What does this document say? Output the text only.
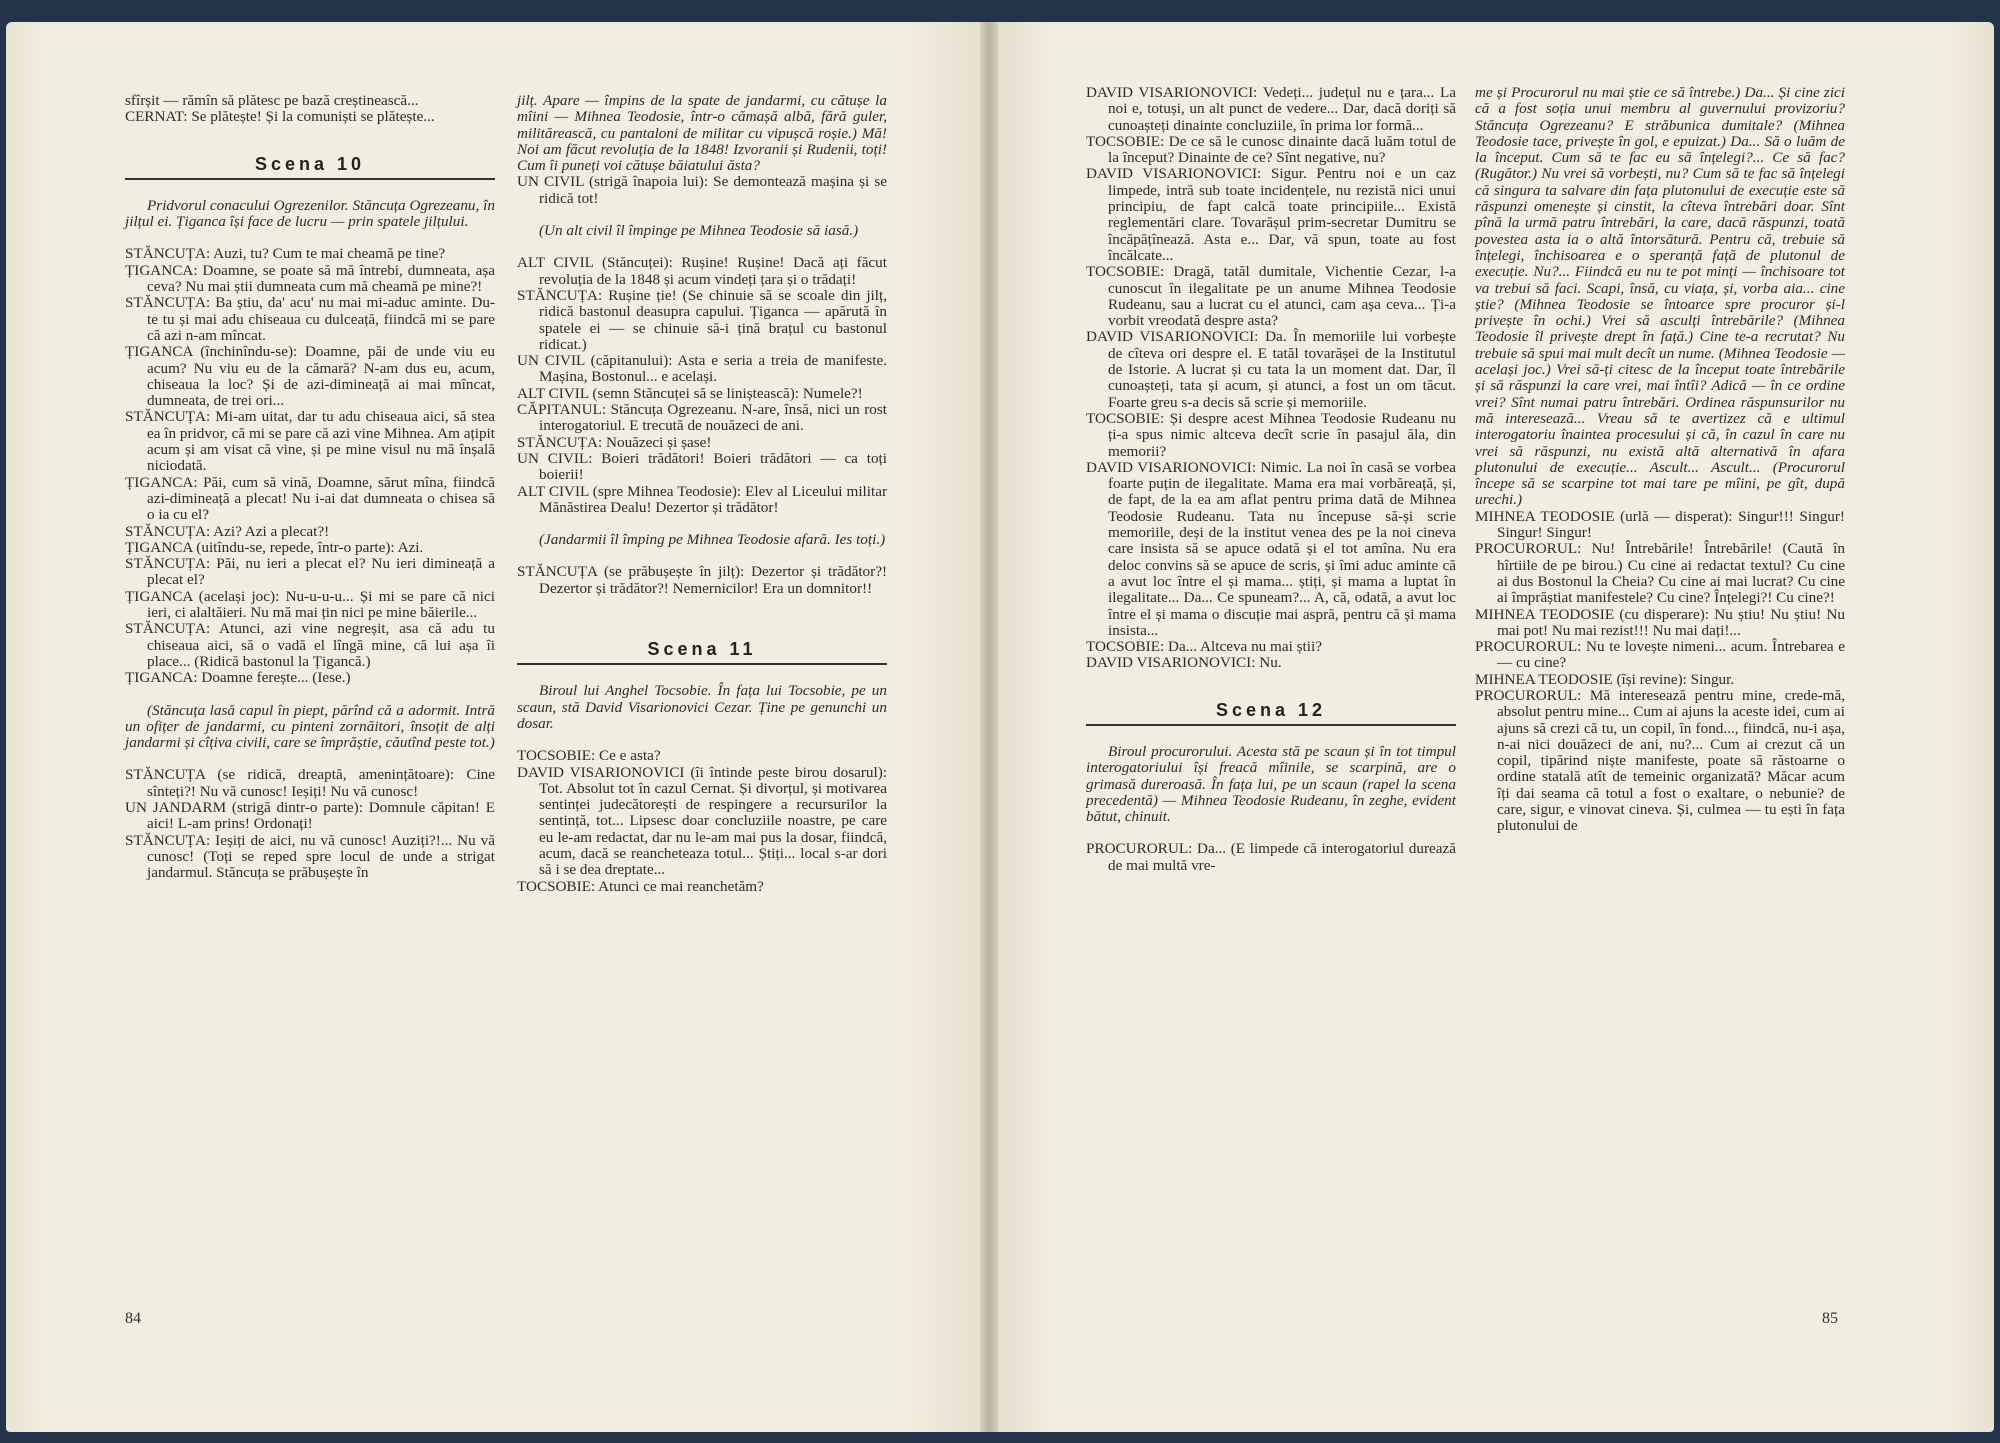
sfîrșit — rămîn să plătesc pe bază creștinească...

CERNAT: Se plătește! Și la comuniști se plătește...

Scena 10

Pridvorul conacului Ogrezenilor. Stăncuța Ogrezeanu, în jilțul ei. Țiganca își face de lucru — prin spatele jilțului.

STĂNCUȚA: Auzi, tu? Cum te mai cheamă pe tine?

ȚIGANCA: Doamne, se poate să mă întrebi, dumneata, așa ceva? Nu mai știi dumneata cum mă cheamă pe mine?!

STĂNCUȚA: Ba știu, da' acu' nu mai mi-aduc aminte. Du-te tu și mai adu chiseaua cu dulceață, fiindcă mi se pare că azi n-am mîncat.

ȚIGANCA (închinîndu-se): Doamne, păi de unde viu eu acum? Nu viu eu de la cămară? N-am dus eu, acum, chiseaua la loc? Și de azi-dimineață ai mai mîncat, dumneata, de trei ori...

STĂNCUȚA: Mi-am uitat, dar tu adu chiseaua aici, să stea ea în pridvor, că mi se pare că azi vine Mihnea. Am ațipit acum și am visat că vine, și pe mine visul nu mă înșală niciodată.

ȚIGANCA: Păi, cum să vină, Doamne, sărut mîna, fiindcă azi-dimineață a plecat! Nu i-ai dat dumneata o chisea să o ia cu el?

STĂNCUȚA: Azi? Azi a plecat?!

ȚIGANCA (uitîndu-se, repede, într-o parte): Azi.

STĂNCUȚA: Păi, nu ieri a plecat el? Nu ieri dimineață a plecat el?

ȚIGANCA (același joc): Nu-u-u-u... Și mi se pare că nici ieri, ci alaltăieri. Nu mă mai țin nici pe mine băierile...

STĂNCUȚA: Atunci, azi vine negreșit, asa că adu tu chiseaua aici, să o vadă el lîngă mine, că lui așa îi place... (Ridică bastonul la Țigancă.)

ȚIGANCA: Doamne ferește... (Iese.)

(Stăncuța lasă capul în piept, părînd că a adormit. Intră un ofițer de jandarmi, cu pinteni zornăitori, însoțit de alți jandarmi și cîțiva civili, care se împrăștie, căutînd peste tot.)

STĂNCUȚA (se ridică, dreaptă, amenințătoare): Cine sînteți?! Nu vă cunosc! Ieșiți! Nu vă cunosc!

UN JANDARM (strigă dintr-o parte): Domnule căpitan! E aici! L-am prins! Ordonați!

STĂNCUȚA: Ieșiți de aici, nu vă cunosc! Auziți?!... Nu vă cunosc! (Toți se reped spre locul de unde a strigat jandarmul. Stăncuța se prăbușește în

jilț. Apare — împins de la spate de jandarmi, cu cătușe la mîini — Mihnea Teodosie, într-o cămașă albă, fără guler, militărească, cu pantaloni de militar cu vipușcă roșie.) Mă! Noi am făcut revoluția de la 1848! Izvoranii și Rudenii, toți! Cum îi puneți voi cătușe băiatului ăsta?

UN CIVIL (strigă înapoia lui): Se demontează mașina și se ridică tot!

(Un alt civil îl împinge pe Mihnea Teodosie să iasă.)

ALT CIVIL (Stăncuței): Rușine! Rușine! Dacă ați făcut revoluția de la 1848 și acum vindeți țara și o trădați!

STĂNCUȚA: Rușine ție! (Se chinuie să se scoale din jilț, ridică bastonul deasupra capului. Țiganca — apărută în spatele ei — se chinuie să-i țină brațul cu bastonul ridicat.)

UN CIVIL (căpitanului): Asta e seria a treia de manifeste. Mașina, Bostonul... e același.

ALT CIVIL (semn Stăncuței să se liniștească): Numele?!

CĂPITANUL: Stăncuța Ogrezeanu. N-are, însă, nici un rost interogatoriul. E trecută de nouăzeci de ani.

STĂNCUȚA: Nouăzeci și șase!

UN CIVIL: Boieri trădători! Boieri trădători — ca toți boierii!

ALT CIVIL (spre Mihnea Teodosie): Elev al Liceului militar Mănăstirea Dealu! Dezertor și trădător!

(Jandarmii îl împing pe Mihnea Teodosie afară. Ies toți.)

STĂNCUȚA (se prăbușește în jilț): Dezertor și trădător?! Dezertor și trădător?! Nemernicilor! Era un domnitor!!

Scena 11

Biroul lui Anghel Tocsobie. În fața lui Tocsobie, pe un scaun, stă David Visarionovici Cezar. Ține pe genunchi un dosar.

TOCSOBIE: Ce e asta?

DAVID VISARIONOVICI (îi întinde peste birou dosarul): Tot. Absolut tot în cazul Cernat. Și divorțul, și motivarea sentinței judecătorești de respingere a recursurilor la sentință, tot... Lipsesc doar concluziile noastre, pe care eu le-am redactat, dar nu le-am mai pus la dosar, fiindcă, acum, dacă se reancheteaza totul... Știți... local s-ar dori să i se dea dreptate...

TOCSOBIE: Atunci ce mai reanchetăm?

DAVID VISARIONOVICI: Vedeți... județul nu e țara... La noi e, totuși, un alt punct de vedere... Dar, dacă doriți să cunoașteți dinainte concluziile, în prima lor formă...

TOCSOBIE: De ce să le cunosc dinainte dacă luăm totul de la început? Dinainte de ce? Sînt negative, nu?

DAVID VISARIONOVICI: Sigur. Pentru noi e un caz limpede, intră sub toate incidențele, nu rezistă nici unui principiu, de fapt calcă toate principiile... Există reglementări clare. Tovarășul prim-secretar Dumitru se încăpățînează. Asta e... Dar, vă spun, toate au fost încălcate...

TOCSOBIE: Dragă, tatăl dumitale, Vichentie Cezar, l-a cunoscut în ilegalitate pe un anume Mihnea Teodosie Rudeanu, sau a lucrat cu el atunci, cam așa ceva... Ți-a vorbit vreodată despre asta?

DAVID VISARIONOVICI: Da. În memoriile lui vorbește de cîteva ori despre el. E tatăl tovarășei de la Institutul de Istorie. A lucrat și cu tata la un moment dat. Dar, îl cunoașteți, tata și acum, și atunci, a fost un om tăcut. Foarte greu s-a decis să scrie și memoriile.

TOCSOBIE: Și despre acest Mihnea Teodosie Rudeanu nu ți-a spus nimic altceva decît scrie în pasajul ăla, din memorii?

DAVID VISARIONOVICI: Nimic. La noi în casă se vorbea foarte puțin de ilegalitate. Mama era mai vorbăreață, și, de fapt, de la ea am aflat pentru prima dată de Mihnea Teodosie Rudeanu. Tata nu începuse să-și scrie memoriile, deși de la institut venea des pe la noi cineva care insista să se apuce odată și el tot amîna. Nu era deloc convins să se apuce de scris, și îmi aduc aminte că a avut loc între el și mama... știți, și mama a luptat în ilegalitate... Da... Ce spuneam?... A, că, odată, a avut loc între el și mama o discuție mai aspră, pentru că și mama insista...

TOCSOBIE: Da... Altceva nu mai știi?

DAVID VISARIONOVICI: Nu.

Scena 12

Biroul procurorului. Acesta stă pe scaun și în tot timpul interogatoriului își freacă mîinile, se scarpină, are o grimasă dureroasă. În fața lui, pe un scaun (rapel la scena precedentă) — Mihnea Teodosie Rudeanu, în zeghe, evident bătut, chinuit.

PROCURORUL: Da... (E limpede că interogatoriul durează de mai multă vre-

me și Procurorul nu mai știe ce să întrebe.) Da... Și cine zici că a fost soția unui membru al guvernului provizoriu? Stăncuța Ogrezeanu? E străbunica dumitale? (Mihnea Teodosie tace, privește în gol, e epuizat.) Da... Să o luăm de la început. Cum să te fac eu să înțelegi?... Ce să fac? (Rugător.) Nu vrei să vorbești, nu? Cum să te fac să înțelegi că singura ta salvare din fața plutonului de execuție este să răspunzi omenește și cinstit, la cîteva întrebări doar. Sînt pînă la urmă patru întrebări, la care, dacă răspunzi, toată povestea asta ia o altă întorsătură. Pentru că, trebuie să înțelegi, închisoarea e o speranță față de plutonul de execuție. Nu?... Fiindcă eu nu te pot minți — închisoare tot va trebui să faci. Scapi, însă, cu viața, și, vorba aia... cine știe? (Mihnea Teodosie se întoarce spre procuror și-l privește în ochi.) Vrei să asculți întrebările? (Mihnea Teodosie îl privește drept în față.) Cine te-a recrutat? Nu trebuie să spui mai mult decît un nume. (Mihnea Teodosie — același joc.) Vrei să-ți citesc de la început toate întrebările și să răspunzi la care vrei, mai întîi? Adică — în ce ordine vrei? Sînt numai patru întrebări. Ordinea răspunsurilor nu mă interesează... Vreau să te avertizez că e ultimul interogatoriu înaintea procesului și că, în cazul în care nu vrei să răspunzi, nu există altă alternativă în afara plutonului de execuție... Ascult... Ascult... (Procurorul începe să se scarpine tot mai tare pe mîini, pe gît, după urechi.)

MIHNEA TEODOSIE (urlă — disperat): Singur!!! Singur! Singur! Singur!

PROCURORUL: Nu! Întrebările! Întrebările! (Caută în hîrtiile de pe birou.) Cu cine ai redactat textul? Cu cine ai dus Bostonul la Cheia? Cu cine ai mai lucrat? Cu cine ai împrăștiat manifestele? Cu cine? Înțelegi?! Cu cine?!

MIHNEA TEODOSIE (cu disperare): Nu știu! Nu știu! Nu mai pot! Nu mai rezist!!! Nu mai dați!...

PROCURORUL: Nu te lovește nimeni... acum. Întrebarea e — cu cine?

MIHNEA TEODOSIE (își revine): Singur.

PROCURORUL: Mă interesează pentru mine, crede-mă, absolut pentru mine... Cum ai ajuns la aceste idei, cum ai ajuns să crezi că tu, un copil, în fond..., fiindcă, nu-i așa, n-ai nici douăzeci de ani, nu?... Cum ai crezut că un copil, tipărind niște manifeste, poate să răstoarne o ordine statală atît de temeinic organizată? Măcar acum îți dai seama că totul a fost o exaltare, o nebunie? de care, sigur, e vinovat cineva. Și, culmea — tu ești în fața plutonului de

84	85
